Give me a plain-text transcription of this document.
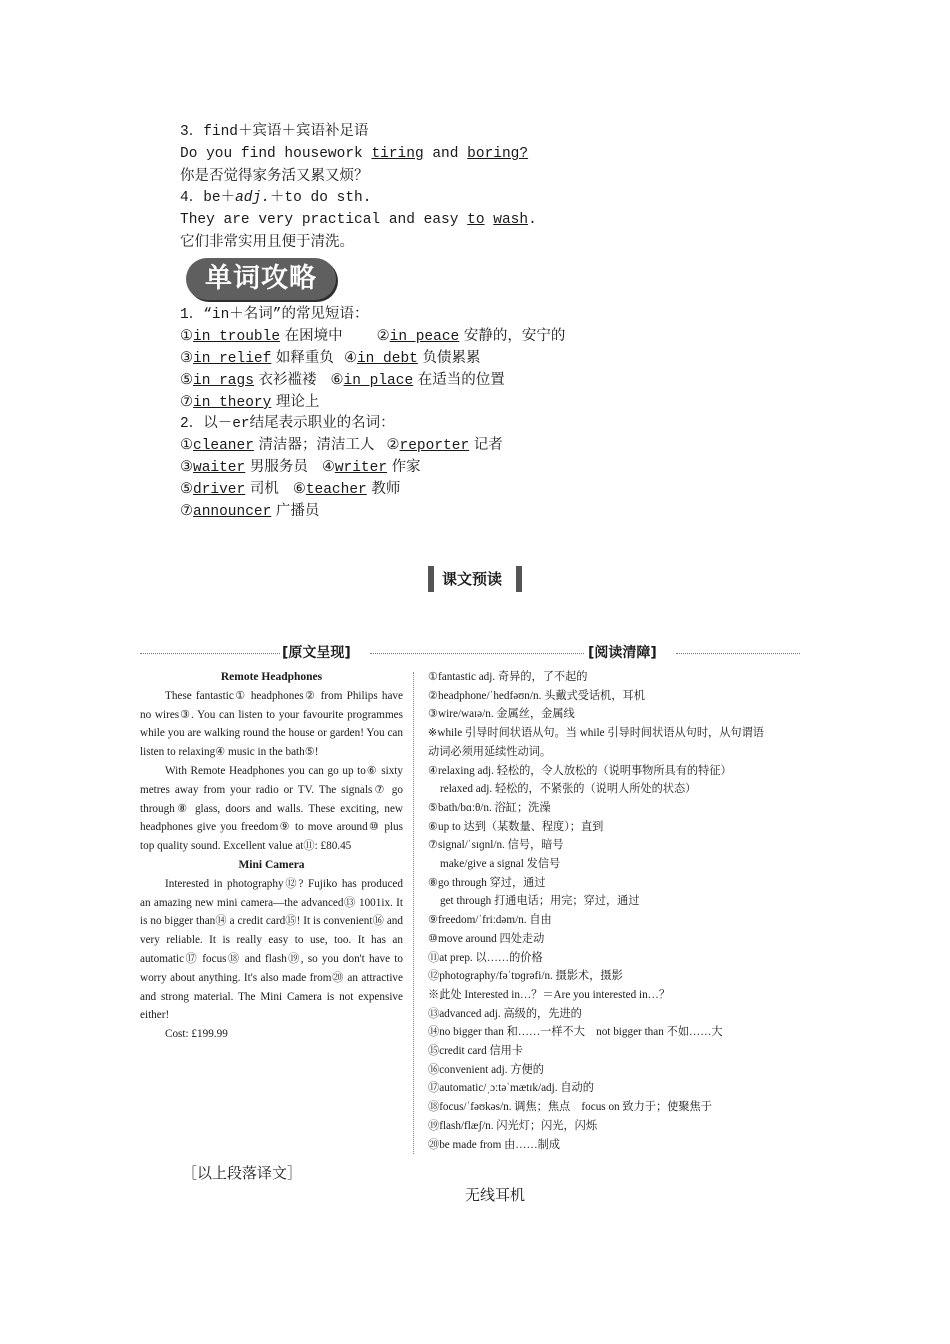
3．find＋宾语＋宾语补足语
Do you find housework tiring and boring?
你是否觉得家务活又累又烦？
4．be＋adj.＋to do sth.
They are very practical and easy to wash.
它们非常实用且便于清洗。
单词攻略
1．“in＋名词”的常见短语：
①in trouble 在困境中 ②in peace 安静的，安宁的
③in relief 如释重负 ④in debt 负债累累
⑤in rags 衣衫褴褛 ⑥in place 在适当的位置
⑦in theory 理论上
2．以－er结尾表示职业的名词：
①cleaner 清洁器；清洁工人 ②reporter 记者
③waiter 男服务员 ④writer 作家
⑤driver 司机 ⑥teacher 教师
⑦announcer 广播员
课文预读
[原文呈现]	[阅读清障]

Remote Headphones

These fantastic① headphones② from Philips have no wires③. You can listen to your favourite programmes while you are walking round the house or garden! You can listen to relaxing④ music in the bath⑤!

With Remote Headphones you can go up to⑥ sixty metres away from your radio or TV. The signals⑦ go through⑧ glass, doors and walls. These exciting, new headphones give you freedom⑨ to move around⑩ plus top quality sound. Excellent value at⑪: £80.45

Mini Camera

Interested in photography⑫? Fujiko has produced an amazing new mini camera—the advanced⑬ 1001ix. It is no bigger than⑭ a credit card⑮! It is convenient⑯ and very reliable. It is really easy to use, too. It has an automatic⑰ focus⑱ and flash⑲, so you don't have to worry about anything. It's also made from⑳ an attractive and strong material. The Mini Camera is not expensive either!

Cost: £199.99

①fantastic adj. 奇异的，了不起的
②headphone/ˈhedfəʊn/n. 头戴式受话机，耳机
③wire/waɪə/n. 金属丝，金属线
※while 引导时间状语从句。当 while 引导时间状语从句时，从句谓语
动词必须用延续性动词。
④relaxing adj. 轻松的，令人放松的（说明事物所具有的特征）
relaxed adj. 轻松的，不紧张的（说明人所处的状态）
⑤bath/bɑːθ/n. 浴缸；洗澡
⑥up to 达到（某数量、程度）；直到
⑦signal/ˈsɪɡnl/n. 信号，暗号
make/give a signal 发信号
⑧go through 穿过，通过
get through 打通电话；用完；穿过，通过
⑨freedom/ˈfriːdəm/n. 自由
⑩move around 四处走动
⑪at prep. 以……的价格
⑫photography/fəˈtɒɡrəfi/n. 摄影术，摄影
※此处 Interested in…？＝Are you interested in…？
⑬advanced adj. 高级的，先进的
⑭no bigger than 和……一样不大　not bigger than 不如……大
⑮credit card 信用卡
⑯convenient adj. 方便的
⑰automatic/ˌɔːtəˈmætɪk/adj. 自动的
⑱focus/ˈfəʊkəs/n. 调焦；焦点　focus on 致力于；使聚焦于
⑲flash/flæʃ/n. 闪光灯；闪光，闪烁
⑳be made from 由……制成
［以上段落译文］
无线耳机
